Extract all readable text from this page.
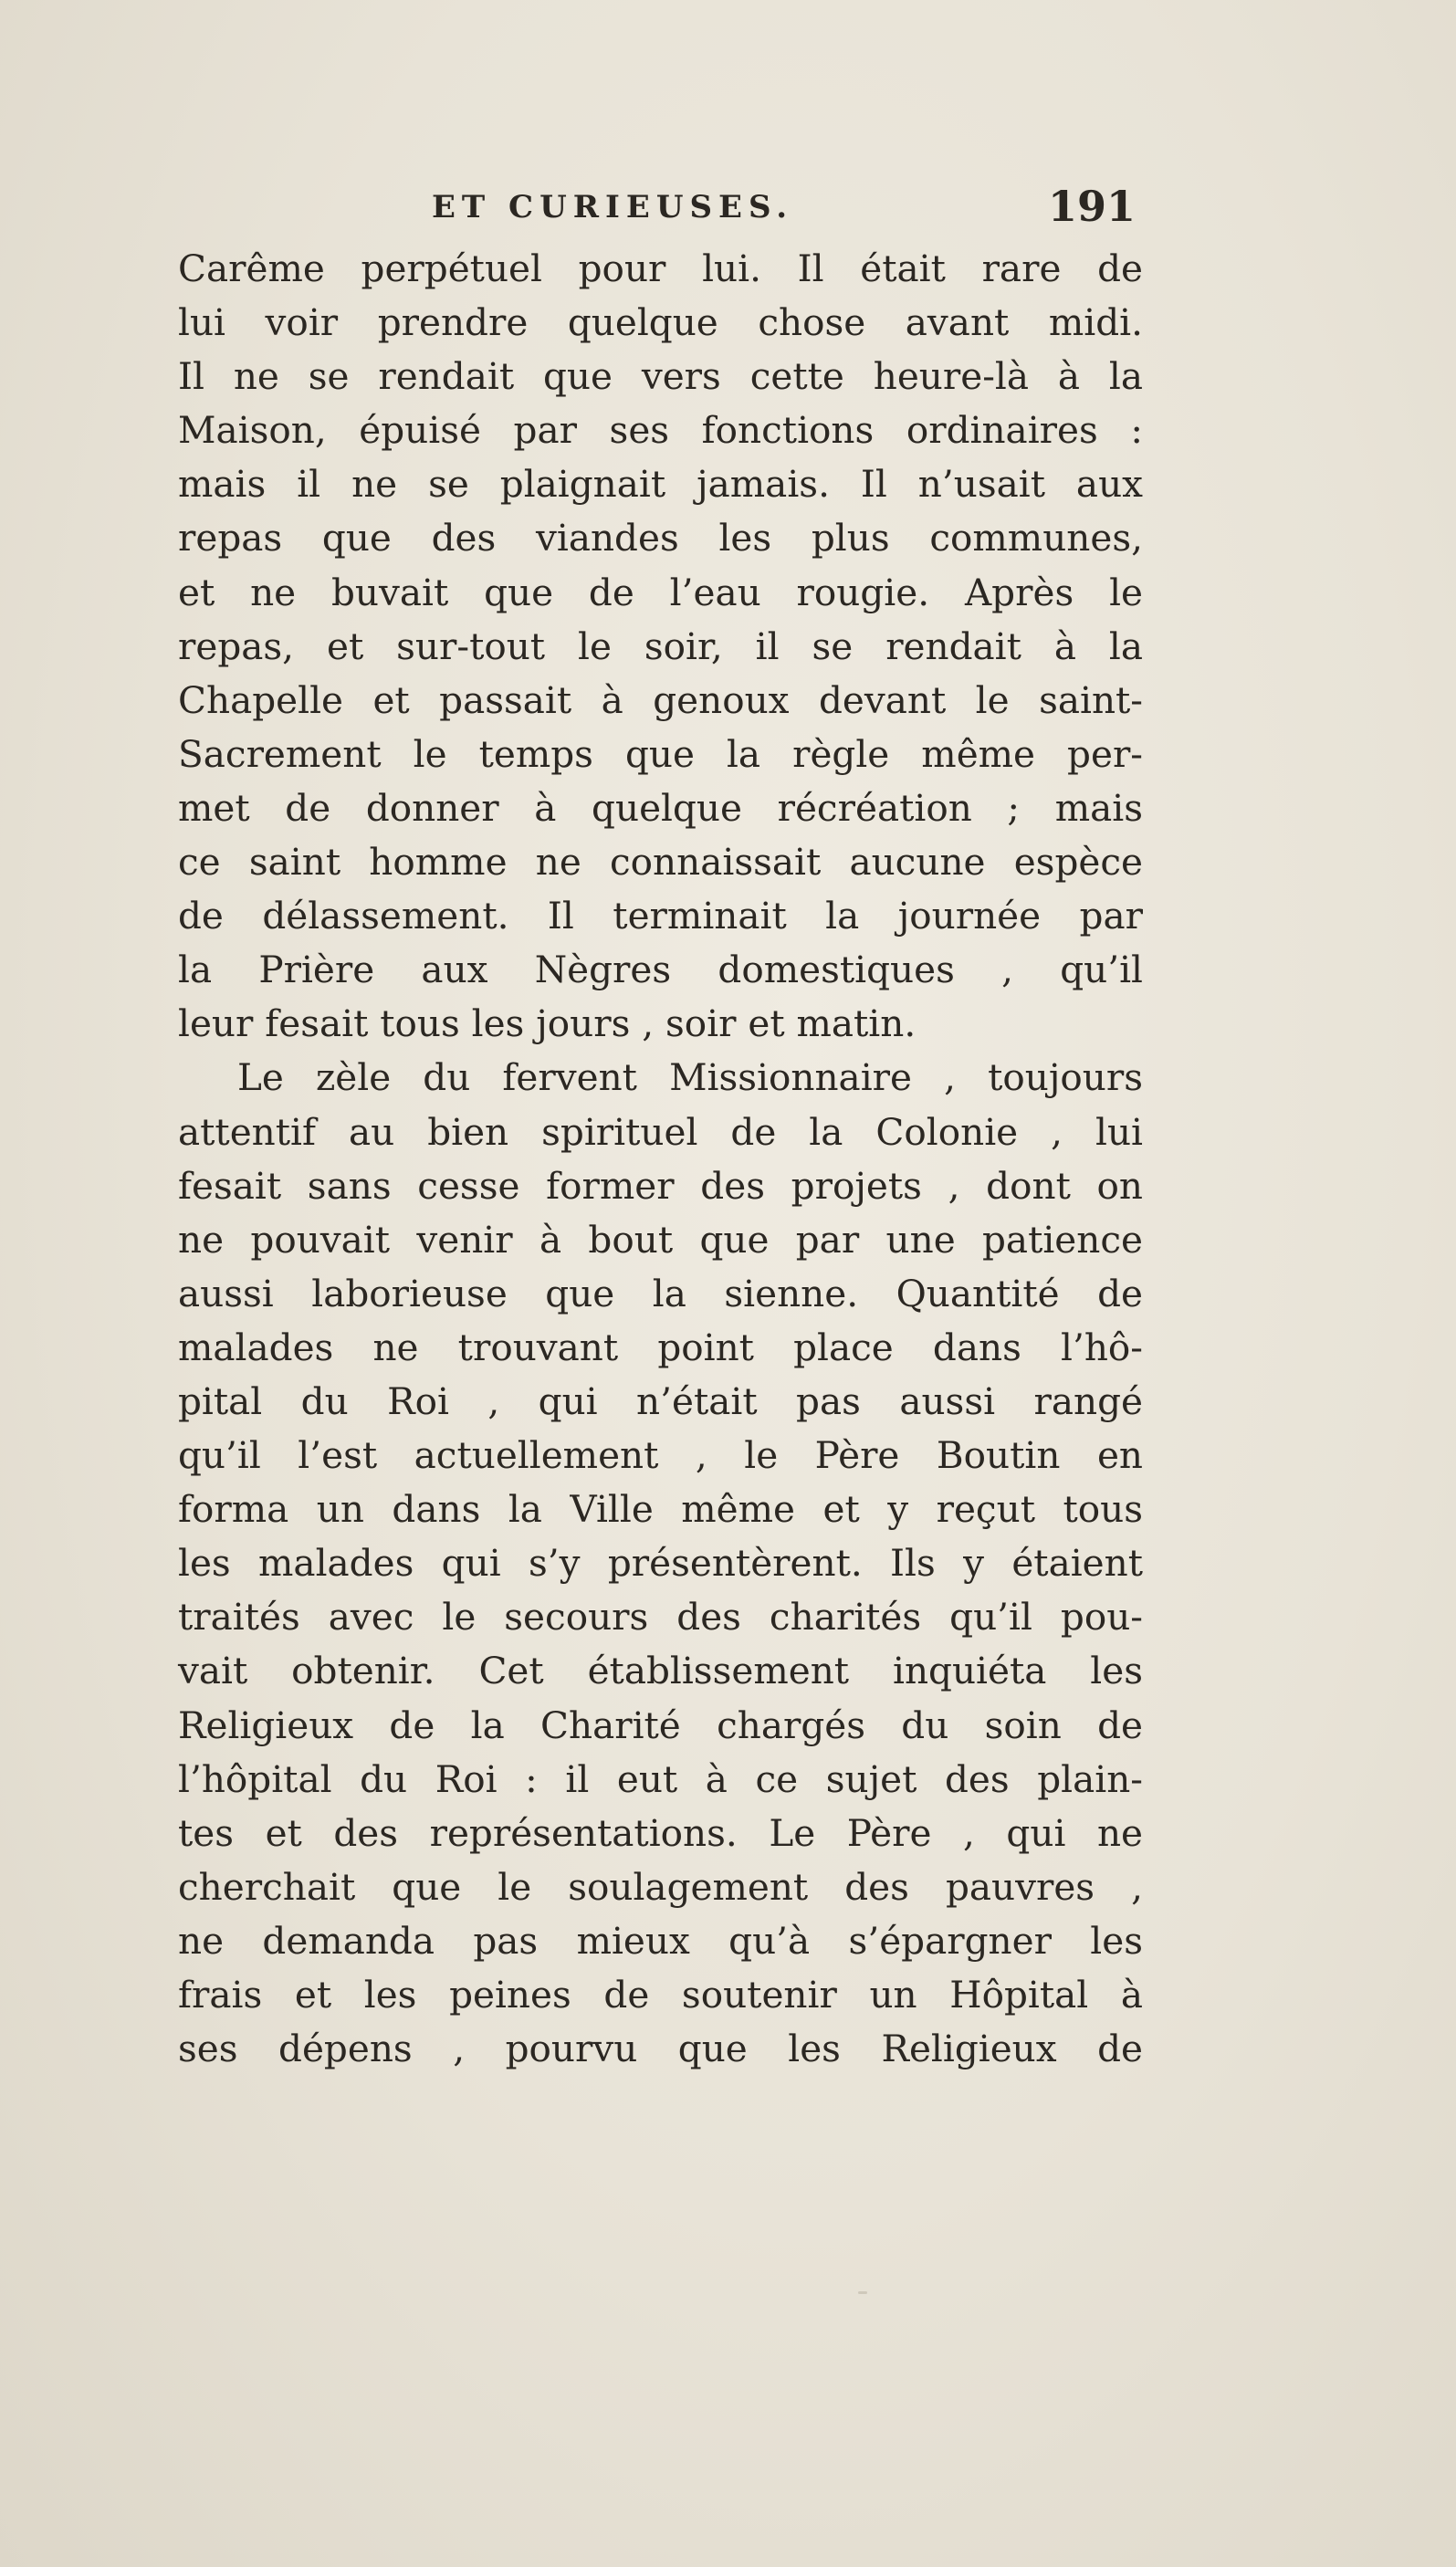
ET CURIEUSES.	191
Carême perpétuel pour lui. Il était rare de
lui voir prendre quelque chose avant midi.
Il ne se rendait que vers cette heure-là à la
Maison, épuisé par ses fonctions ordinaires :
mais il ne se plaignait jamais. Il n’usait aux
repas que des viandes les plus communes,
et ne buvait que de l’eau rougie. Après le
repas, et sur-tout le soir, il se rendait à la
Chapelle et passait à genoux devant le saint-
Sacrement le temps que la règle même per-
met de donner à quelque récréation ; mais
ce saint homme ne connaissait aucune espèce
de délassement. Il terminait la journée par
la Prière aux Nègres domestiques , qu’il
leur fesait tous les jours , soir et matin.
Le zèle du fervent Missionnaire , toujours
attentif au bien spirituel de la Colonie , lui
fesait sans cesse former des projets , dont on
ne pouvait venir à bout que par une patience
aussi laborieuse que la sienne. Quantité de
malades ne trouvant point place dans l’hô-
pital du Roi , qui n’était pas aussi rangé
qu’il l’est actuellement , le Père Boutin en
forma un dans la Ville même et y reçut tous
les malades qui s’y présentèrent. Ils y étaient
traités avec le secours des charités qu’il pou-
vait obtenir. Cet établissement inquiéta les
Religieux de la Charité chargés du soin de
l’hôpital du Roi : il eut à ce sujet des plain-
tes et des représentations. Le Père , qui ne
cherchait que le soulagement des pauvres ,
ne demanda pas mieux qu’à s’épargner les
frais et les peines de soutenir un Hôpital à
ses dépens , pourvu que les Religieux de
